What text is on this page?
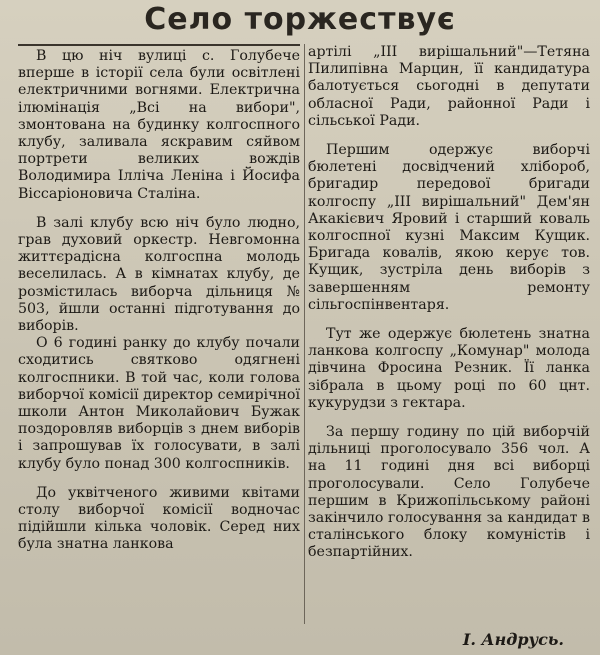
Село торжествує

В цю ніч вулиці с. Голубече вперше в історії села були освітлені електричними вогнями. Електрична ілюмінація „Всі на вибори", змонтована на будинку колгоспного клубу, заливала яскравим сяйвом портрети великих вождів Володимира Ілліча Леніна і Йосифа Віссаріоновича Сталіна.

В залі клубу всю ніч було людно, грав духовий оркестр. Невгомонна життєрадісна колгоспна молодь веселилась. А в кімнатах клубу, де розмістилась виборча дільниця № 503, йшли останні підготування до виборів.

О 6 годині ранку до клубу почали сходитись святково одягнені колгоспники. В той час, коли голова виборчої комісії директор семирічної школи Антон Миколайович Бужак поздоровляв виборців з днем виборів і запрошував їх голосувати, в залі клубу було понад 300 колгоспників.

До уквітченого живими квітами столу виборчої комісії водночас підійшли кілька чоловік. Серед них була знатна ланкова

артілі „III вирішальний"—Тетяна Пилипівна Марцин, її кандидатура балотується сьогодні в депутати обласної Ради, районної Ради і сільської Ради.

Першим одержує виборчі бюлетені досвідчений хлібороб, бригадир передової бригади колгоспу „III вирішальний" Дем'ян Акакієвич Яровий і старший коваль колгоспної кузні Максим Кущик. Бригада ковалів, якою керує тов. Кущик, зустріла день виборів з завершенням ремонту сільгоспінвентаря.

Тут же одержує бюлетень знатна ланкова колгоспу „Комунар" молода дівчина Фросина Резник. Її ланка зібрала в цьому році по 60 цнт. кукурудзи з гектара.

За першу годину по цій виборчій дільниці проголосувало 356 чол. А на 11 годині дня всі виборці проголосували. Село Голубече першим в Крижопільському районі закінчило голосування за кандидат в сталінського блоку комуністів і безпартійних.

І. Андрусь.
